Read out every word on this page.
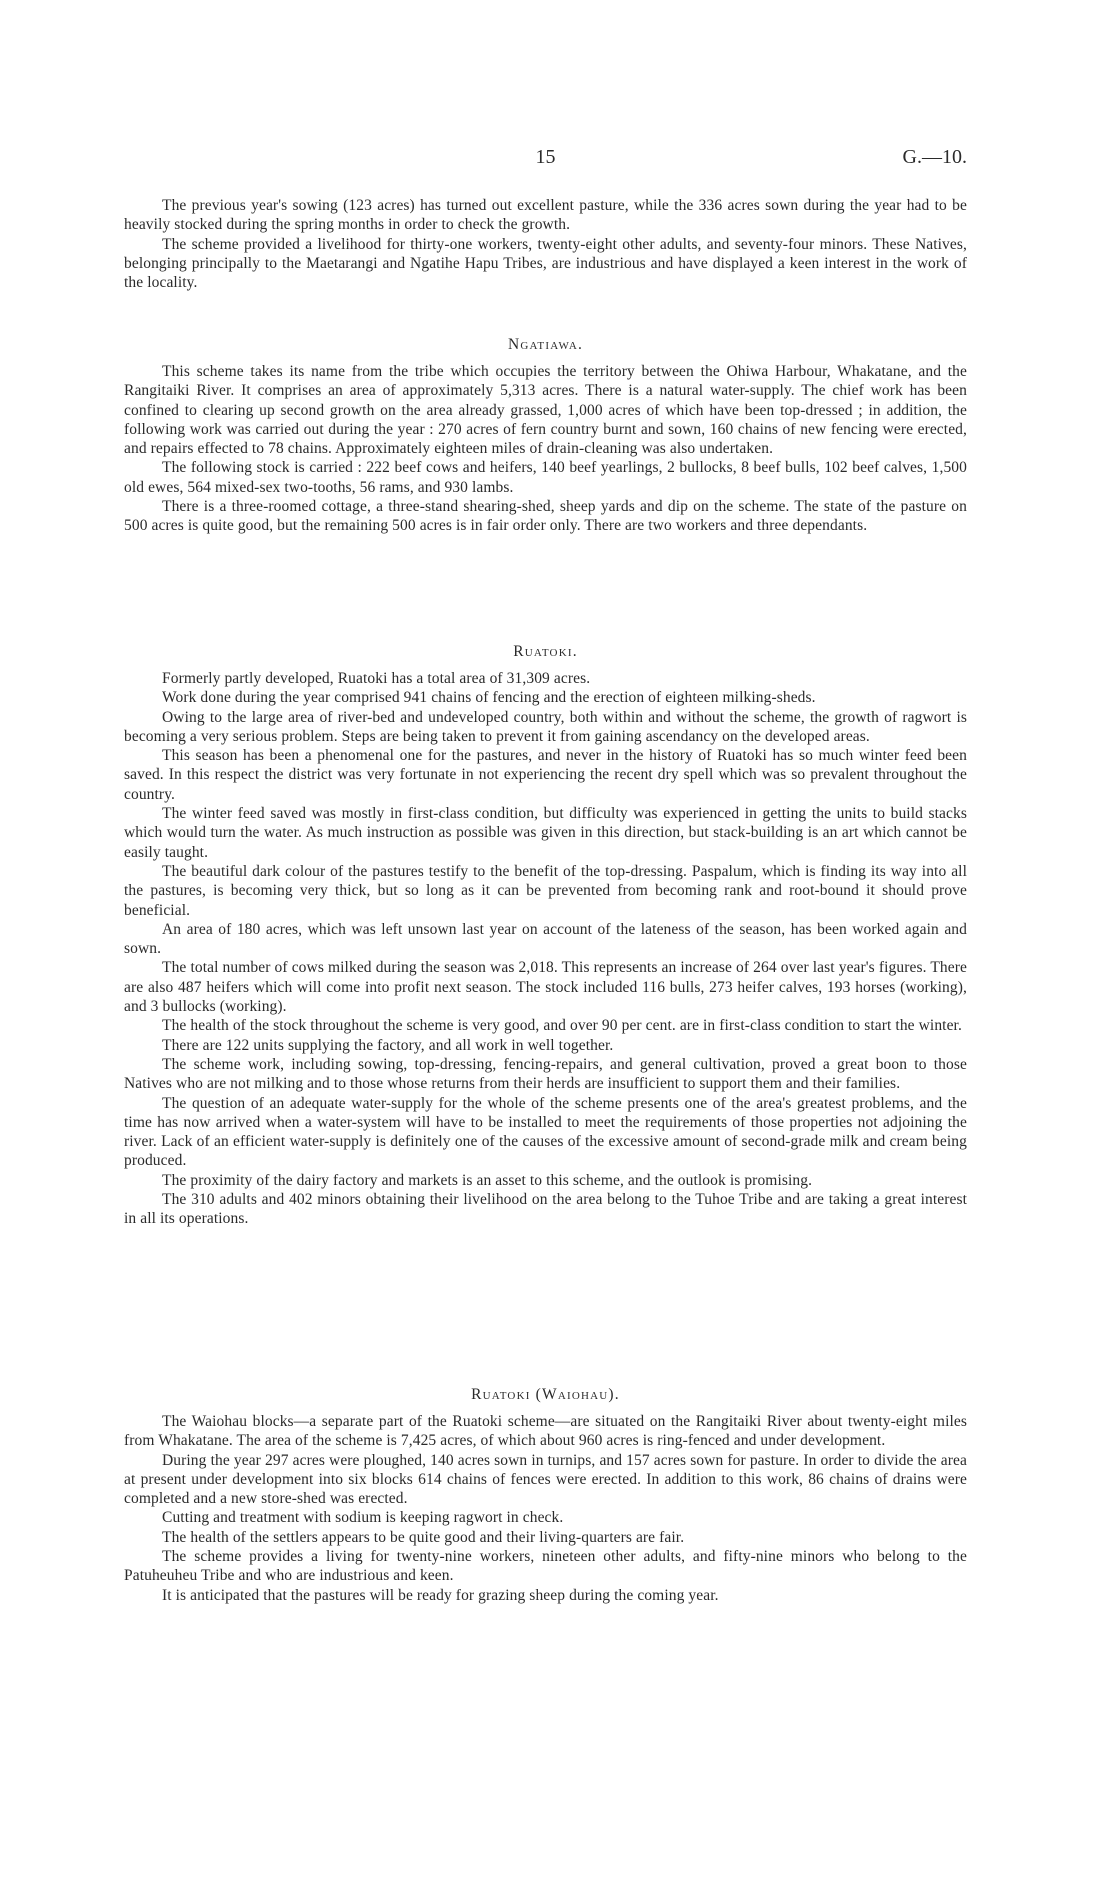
15	G.—10.

The previous year's sowing (123 acres) has turned out excellent pasture, while the 336 acres sown during the year had to be heavily stocked during the spring months in order to check the growth.

The scheme provided a livelihood for thirty-one workers, twenty-eight other adults, and seventy-four minors. These Natives, belonging principally to the Maetarangi and Ngatihe Hapu Tribes, are industrious and have displayed a keen interest in the work of the locality.

Ngatiawa.

This scheme takes its name from the tribe which occupies the territory between the Ohiwa Harbour, Whakatane, and the Rangitaiki River. It comprises an area of approximately 5,313 acres. There is a natural water-supply. The chief work has been confined to clearing up second growth on the area already grassed, 1,000 acres of which have been top-dressed ; in addition, the following work was carried out during the year : 270 acres of fern country burnt and sown, 160 chains of new fencing were erected, and repairs effected to 78 chains. Approximately eighteen miles of drain-cleaning was also undertaken.

The following stock is carried : 222 beef cows and heifers, 140 beef yearlings, 2 bullocks, 8 beef bulls, 102 beef calves, 1,500 old ewes, 564 mixed-sex two-tooths, 56 rams, and 930 lambs.

There is a three-roomed cottage, a three-stand shearing-shed, sheep yards and dip on the scheme. The state of the pasture on 500 acres is quite good, but the remaining 500 acres is in fair order only. There are two workers and three dependants.

Ruatoki.

Formerly partly developed, Ruatoki has a total area of 31,309 acres.

Work done during the year comprised 941 chains of fencing and the erection of eighteen milking-sheds.

Owing to the large area of river-bed and undeveloped country, both within and without the scheme, the growth of ragwort is becoming a very serious problem. Steps are being taken to prevent it from gaining ascendancy on the developed areas.

This season has been a phenomenal one for the pastures, and never in the history of Ruatoki has so much winter feed been saved. In this respect the district was very fortunate in not experiencing the recent dry spell which was so prevalent throughout the country.

The winter feed saved was mostly in first-class condition, but difficulty was experienced in getting the units to build stacks which would turn the water. As much instruction as possible was given in this direction, but stack-building is an art which cannot be easily taught.

The beautiful dark colour of the pastures testify to the benefit of the top-dressing. Paspalum, which is finding its way into all the pastures, is becoming very thick, but so long as it can be prevented from becoming rank and root-bound it should prove beneficial.

An area of 180 acres, which was left unsown last year on account of the lateness of the season, has been worked again and sown.

The total number of cows milked during the season was 2,018. This represents an increase of 264 over last year's figures. There are also 487 heifers which will come into profit next season. The stock included 116 bulls, 273 heifer calves, 193 horses (working), and 3 bullocks (working).

The health of the stock throughout the scheme is very good, and over 90 per cent. are in first-class condition to start the winter.

There are 122 units supplying the factory, and all work in well together.

The scheme work, including sowing, top-dressing, fencing-repairs, and general cultivation, proved a great boon to those Natives who are not milking and to those whose returns from their herds are insufficient to support them and their families.

The question of an adequate water-supply for the whole of the scheme presents one of the area's greatest problems, and the time has now arrived when a water-system will have to be installed to meet the requirements of those properties not adjoining the river. Lack of an efficient water-supply is definitely one of the causes of the excessive amount of second-grade milk and cream being produced.

The proximity of the dairy factory and markets is an asset to this scheme, and the outlook is promising.

The 310 adults and 402 minors obtaining their livelihood on the area belong to the Tuhoe Tribe and are taking a great interest in all its operations.

Ruatoki (Waiohau).

The Waiohau blocks—a separate part of the Ruatoki scheme—are situated on the Rangitaiki River about twenty-eight miles from Whakatane. The area of the scheme is 7,425 acres, of which about 960 acres is ring-fenced and under development.

During the year 297 acres were ploughed, 140 acres sown in turnips, and 157 acres sown for pasture. In order to divide the area at present under development into six blocks 614 chains of fences were erected. In addition to this work, 86 chains of drains were completed and a new store-shed was erected.

Cutting and treatment with sodium is keeping ragwort in check.

The health of the settlers appears to be quite good and their living-quarters are fair.

The scheme provides a living for twenty-nine workers, nineteen other adults, and fifty-nine minors who belong to the Patuheuheu Tribe and who are industrious and keen.

It is anticipated that the pastures will be ready for grazing sheep during the coming year.
